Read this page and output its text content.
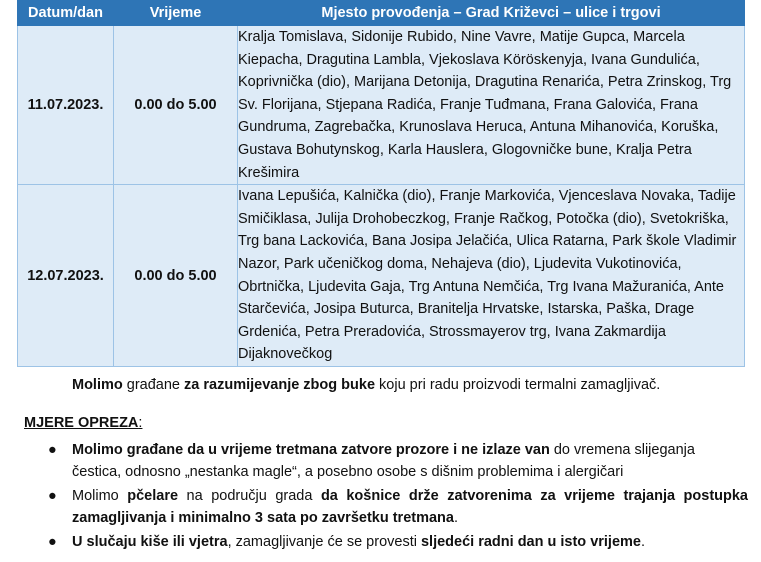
Datum/dan	Vrijeme	Mjesto provođenja – Grad Križevci – ulice i trgovi
11.07.2023.	0.00 do 5.00	Kralja Tomislava, Sidonije Rubido, Nine Vavre, Matije Gupca, Marcela Kiepacha, Dragutina Lambla, Vjekoslava Köröskenyja, Ivana Gundulića, Koprivnička (dio), Marijana Detonija, Dragutina Renarića, Petra Zrinskog, Trg Sv. Florijana, Stjepana Radića, Franje Tuđmana, Frana Galovića, Frana Gundruma, Zagrebačka, Krunoslava Heruca, Antuna Mihanovića, Koruška, Gustava Bohutynskog, Karla Hauslera, Glogovničke bune, Kralja Petra Krešimira
12.07.2023.	0.00 do 5.00	Ivana Lepušića, Kalnička (dio), Franje Markovića, Vjenceslava Novaka, Tadije Smičiklasa, Julija Drohobeczkog, Franje Račkog, Potočka (dio), Svetokriška, Trg bana Lackovića, Bana Josipa Jelačića, Ulica Ratarna, Park škole Vladimir Nazor, Park učeničkog doma, Nehajeva (dio), Ljudevita Vukotinovića, Obrtnička, Ljudevita Gaja, Trg Antuna Nemčića, Trg Ivana Mažuranića, Ante Starčevića, Josipa Buturca, Branitelja Hrvatske, Istarska, Paška, Drage Grdenića, Petra Preradovića, Strossmayerov trg, Ivana Zakmardija Dijaknovečkog
Molimo građane za razumijevanje zbog buke koju pri radu proizvodi termalni zamagljivač.
MJERE OPREZA:
● Molimo građane da u vrijeme tretmana zatvore prozore i ne izlaze van do vremena slijeganja čestica, odnosno „nestanka magle“, a posebno osobe s dišnim problemima i alergičari
● Molimo pčelare na području grada da košnice drže zatvorenima za vrijeme trajanja postupka zamagljivanja i minimalno 3 sata po završetku tretmana.
● U slučaju kiše ili vjetra, zamagljivanje će se provesti sljedeći radni dan u isto vrijeme.
